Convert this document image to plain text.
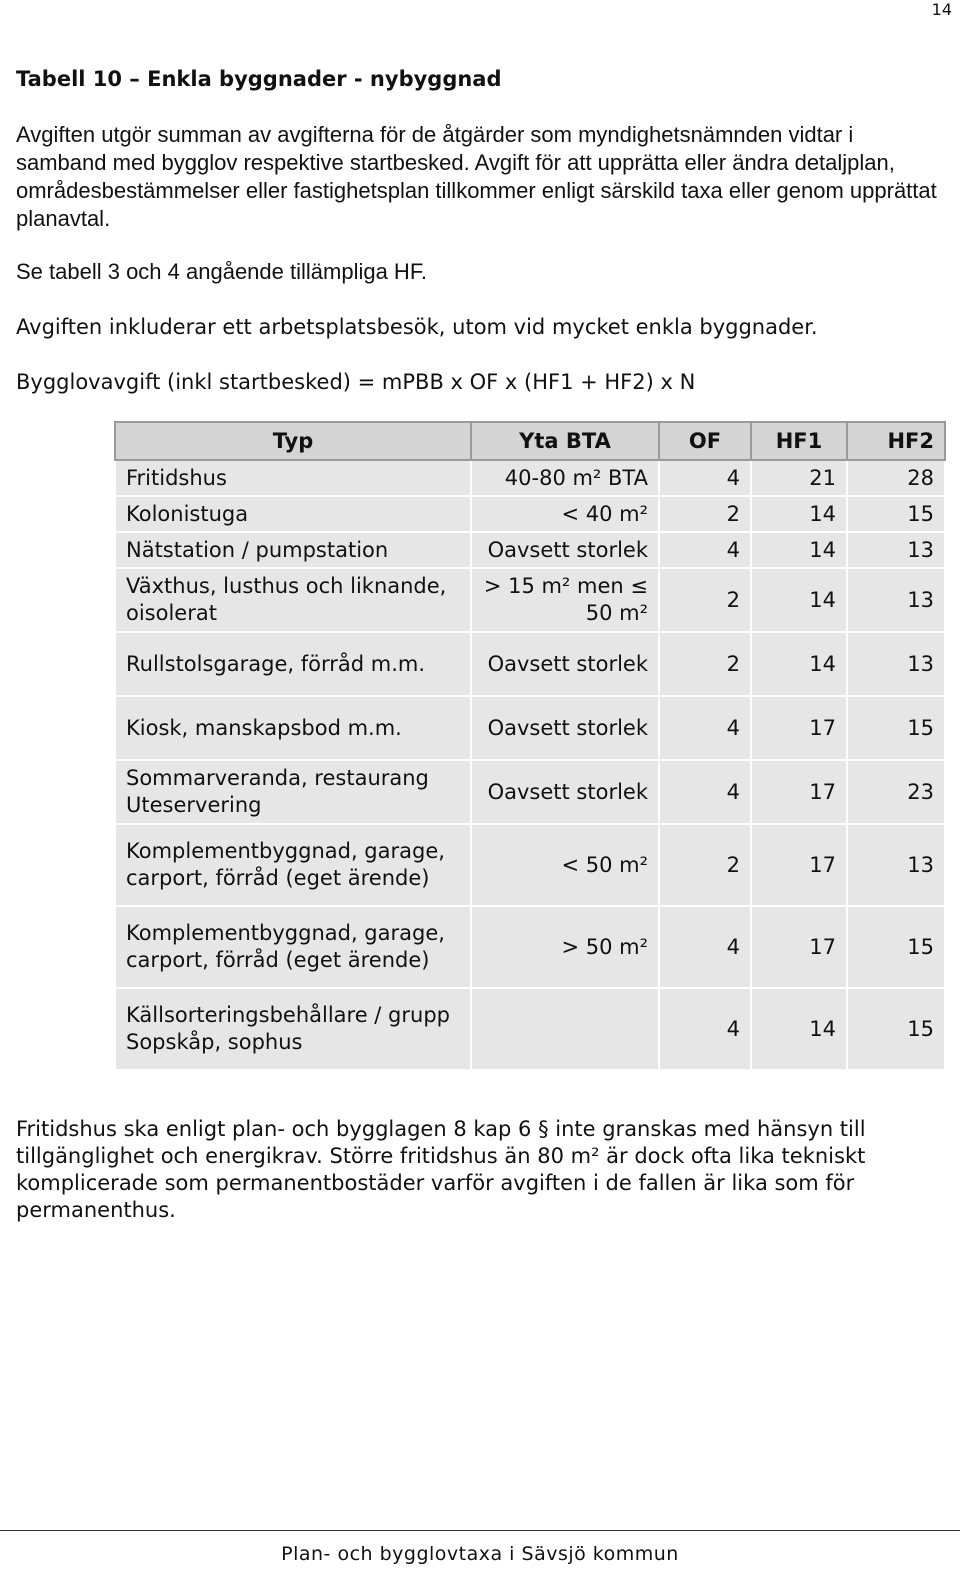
14
Tabell 10 – Enkla byggnader - nybyggnad

Avgiften utgör summan av avgifterna för de åtgärder som myndighetsnämnden vidtar i samband med bygglov respektive startbesked. Avgift för att upprätta eller ändra detaljplan, områdesbestämmelser eller fastighetsplan tillkommer enligt särskild taxa eller genom upprättat planavtal.

Se tabell 3 och 4 angående tillämpliga HF.

Avgiften inkluderar ett arbetsplatsbesök, utom vid mycket enkla byggnader.

Bygglovavgift (inkl startbesked) = mPBB x OF x (HF1 + HF2) x N

Typ	Yta BTA	OF	HF1	HF2
Fritidshus	40-80 m² BTA	4	21	28
Kolonistuga	< 40 m²	2	14	15
Nätstation / pumpstation	Oavsett storlek	4	14	13
Växthus, lusthus och liknande, oisolerat	> 15 m² men ≤ 50 m²	2	14	13
Rullstolsgarage, förråd m.m.	Oavsett storlek	2	14	13
Kiosk, manskapsbod m.m.	Oavsett storlek	4	17	15
Sommarveranda, restaurang Uteservering	Oavsett storlek	4	17	23
Komplementbyggnad, garage, carport, förråd (eget ärende)	< 50 m²	2	17	13
Komplementbyggnad, garage, carport, förråd (eget ärende)	> 50 m²	4	17	15
Källsorteringsbehållare / grupp Sopskåp, sophus		4	14	15

Fritidshus ska enligt plan- och bygglagen 8 kap 6 § inte granskas med hänsyn till tillgänglighet och energikrav. Större fritidshus än 80 m² är dock ofta lika tekniskt komplicerade som permanentbostäder varför avgiften i de fallen är lika som för permanenthus.

Plan- och bygglovtaxa i Sävsjö kommun
